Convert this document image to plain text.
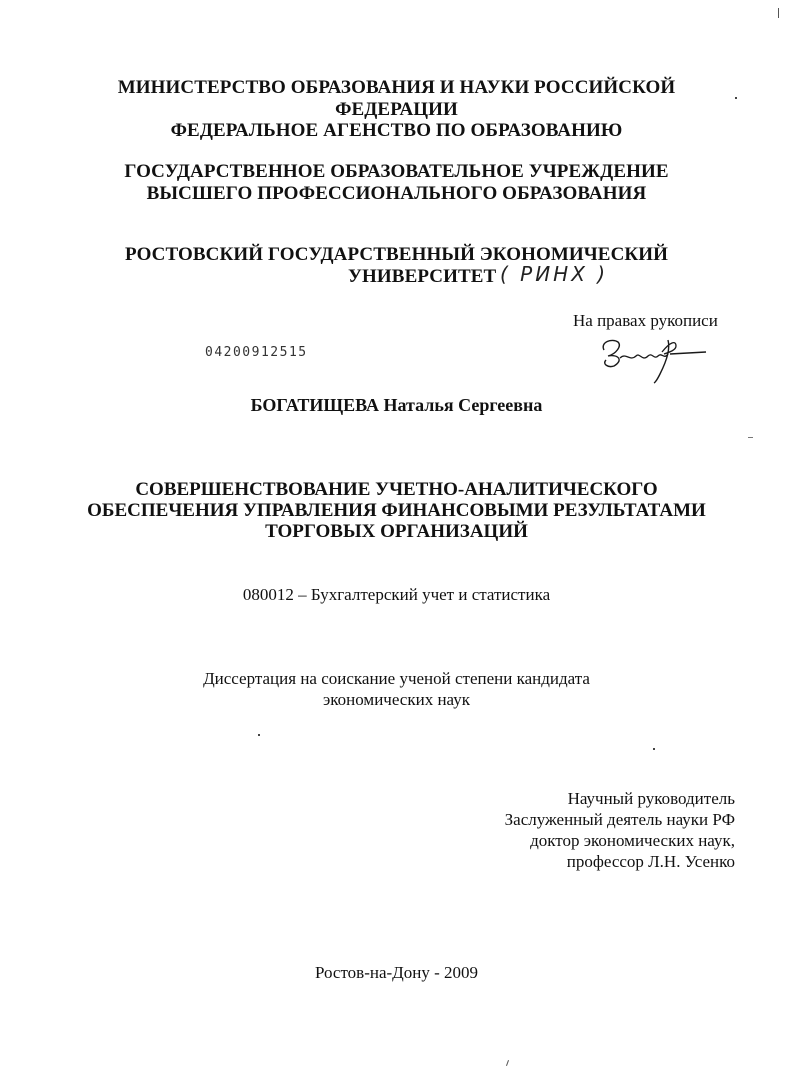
МИНИСТЕРСТВО ОБРАЗОВАНИЯ И НАУКИ РОССИЙСКОЙ
ФЕДЕРАЦИИ
ФЕДЕРАЛЬНОЕ АГЕНСТВО ПО ОБРАЗОВАНИЮ
ГОСУДАРСТВЕННОЕ ОБРАЗОВАТЕЛЬНОЕ УЧРЕЖДЕНИЕ
ВЫСШЕГО ПРОФЕССИОНАЛЬНОГО ОБРАЗОВАНИЯ
РОСТОВСКИЙ ГОСУДАРСТВЕННЫЙ ЭКОНОМИЧЕСКИЙ
УНИВЕРСИТЕТ ( РИНХ )
На правах рукописи
04200912515
БОГАТИЩЕВА Наталья Сергеевна
СОВЕРШЕНСТВОВАНИЕ УЧЕТНО-АНАЛИТИЧЕСКОГО
ОБЕСПЕЧЕНИЯ УПРАВЛЕНИЯ ФИНАНСОВЫМИ РЕЗУЛЬТАТАМИ
ТОРГОВЫХ ОРГАНИЗАЦИЙ
080012 – Бухгалтерский учет и статистика
Диссертация на соискание ученой степени кандидата
экономических наук
Научный руководитель
Заслуженный деятель науки РФ
доктор экономических наук,
профессор Л.Н. Усенко
Ростов-на-Дону - 2009
